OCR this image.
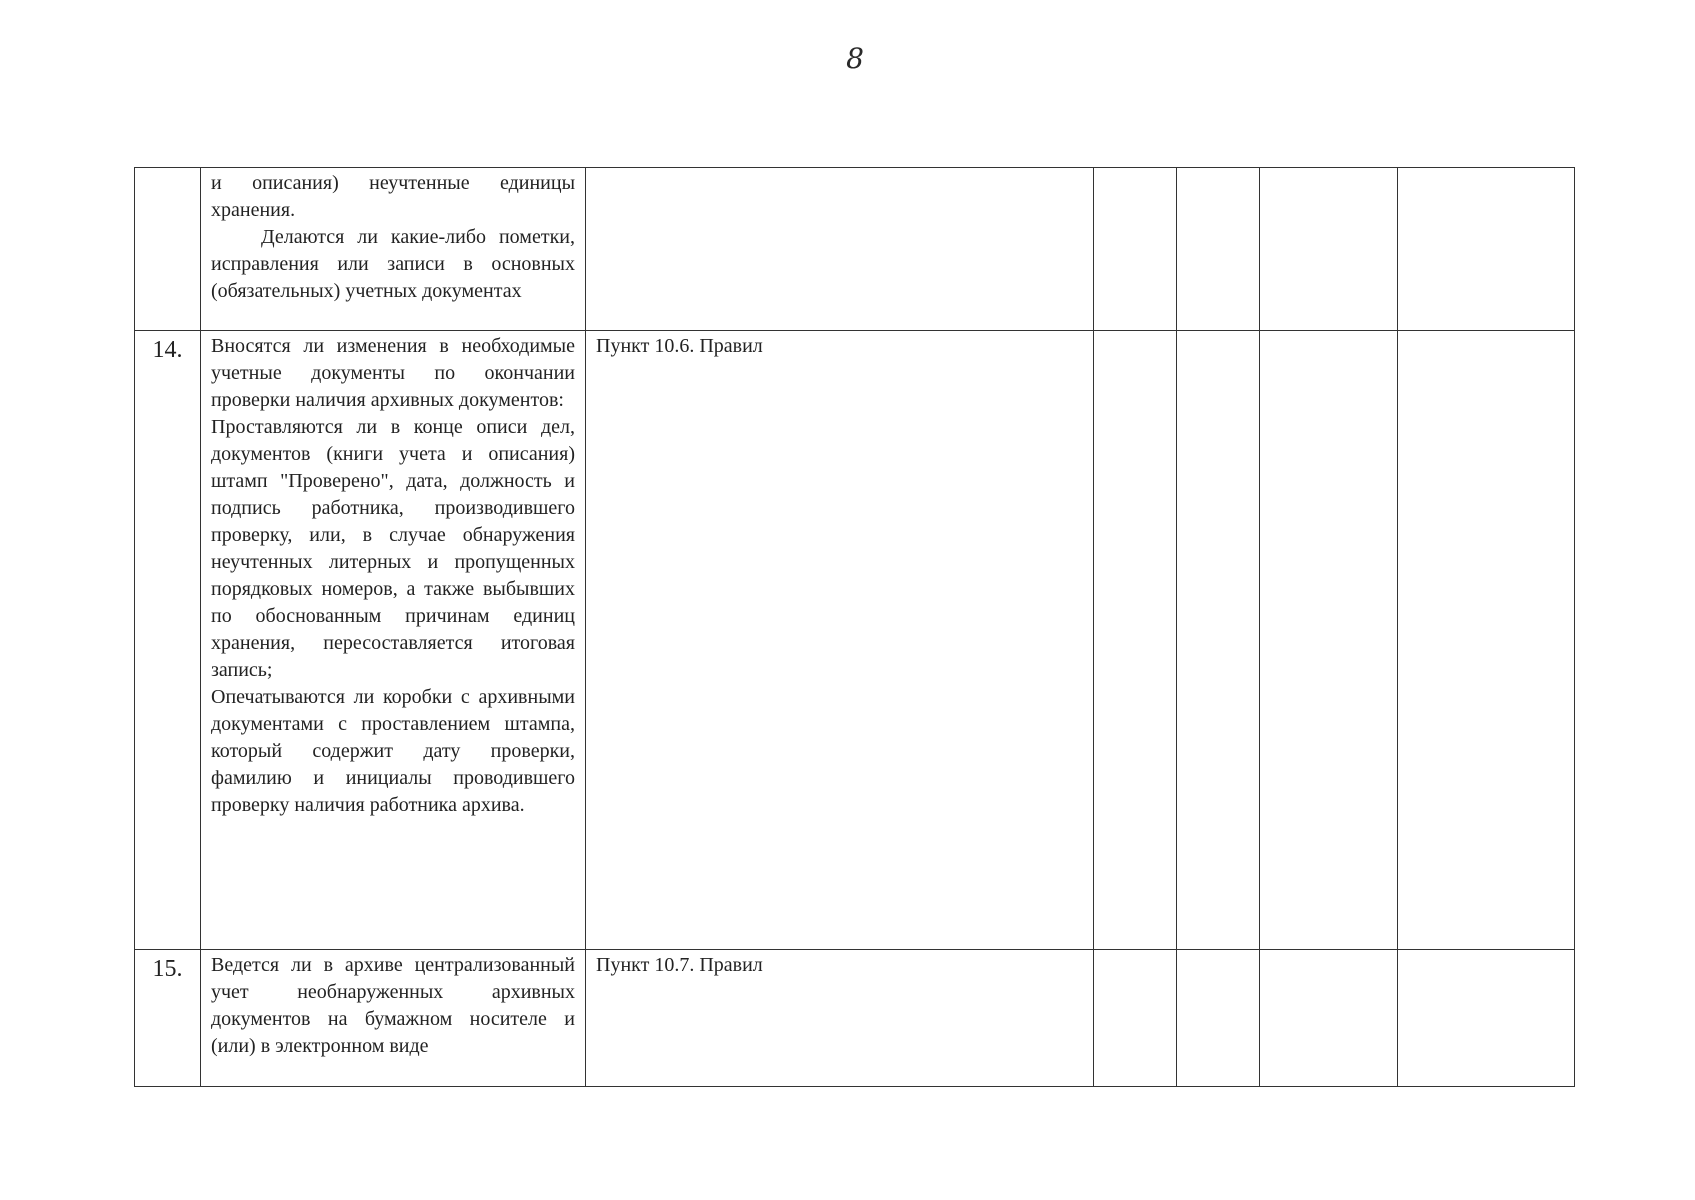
8

	и описания) неучтенные единицы хранения.

Делаются ли какие-либо пометки, исправления или записи в основных (обязательных) учетных документах					

14.	Вносятся ли изменения в необходимые учетные документы по окончании проверки наличия архивных документов:

Проставляются ли в конце описи дел, документов (книги учета и описания) штамп "Проверено", дата, должность и подпись работника, производившего проверку, или, в случае обнаружения неучтенных литерных и пропущенных порядковых номеров, а также выбывших по обоснованным причинам единиц хранения, пересоставляется итоговая запись;

Опечатываются ли коробки с архивными документами с проставлением штампа, который содержит дату проверки, фамилию и инициалы проводившего проверку наличия работника архива.	Пункт 10.6. Правил				
15.	Ведется ли в архиве централизованный учет необнаруженных архивных документов на бумажном носителе и (или) в электронном виде	Пункт 10.7. Правил				
